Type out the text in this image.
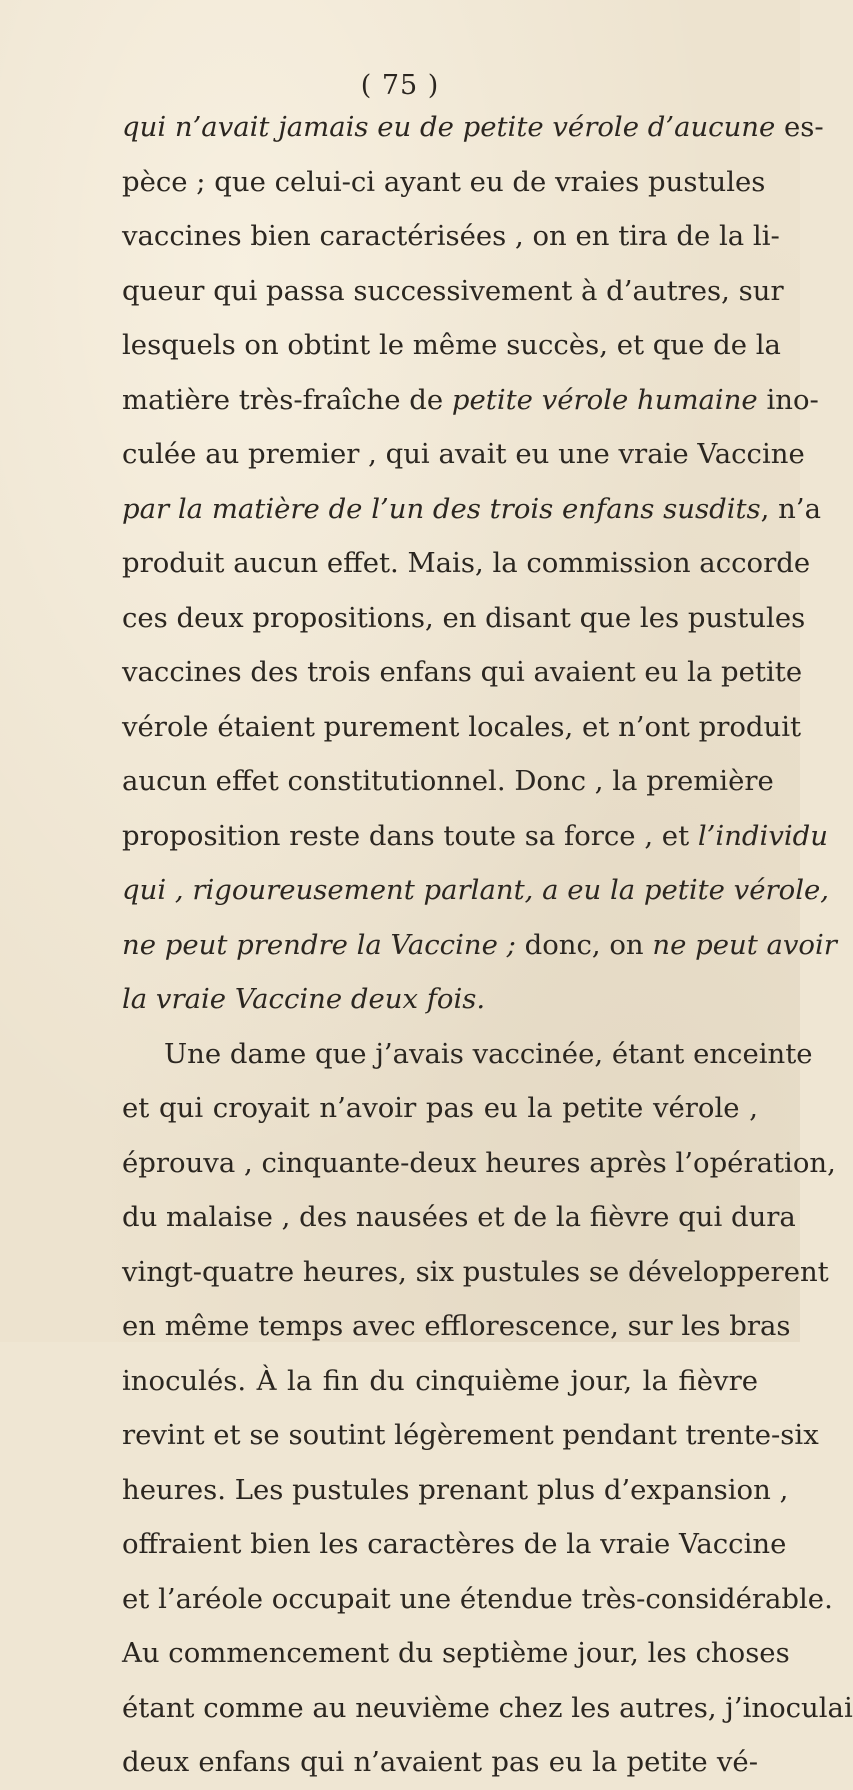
( 75 )
qui n’avait jamais eu de petite vérole d’aucune es-
pèce ; que celui-ci ayant eu de vraies pustules
vaccines bien caractérisées , on en tira de la li-
queur qui passa successivement à d’autres, sur
lesquels on obtint le même succès, et que de la
matière très-fraîche de petite vérole humaine ino-
culée au premier , qui avait eu une vraie Vaccine
par la matière de l’un des trois enfans susdits, n’a
produit aucun effet. Mais, la commission accorde
ces deux propositions, en disant que les pustules
vaccines des trois enfans qui avaient eu la petite
vérole étaient purement locales, et n’ont produit
aucun effet constitutionnel. Donc , la première
proposition reste dans toute sa force , et l’individu
qui , rigoureusement parlant, a eu la petite vérole,
ne peut prendre la Vaccine ; donc, on ne peut avoir
la vraie Vaccine deux fois.
Une dame que j’avais vaccinée, étant enceinte
et qui croyait n’avoir pas eu la petite vérole ,
éprouva , cinquante-deux heures après l’opération,
du malaise , des nausées et de la fièvre qui dura
vingt-quatre heures, six pustules se développerent
en même temps avec efflorescence, sur les bras
inoculés. À la fin du cinquième jour, la fièvre
revint et se soutint légèrement pendant trente-six
heures. Les pustules prenant plus d’expansion ,
offraient bien les caractères de la vraie Vaccine
et l’aréole occupait une étendue très-considérable.
Au commencement du septième jour, les choses
étant comme au neuvième chez les autres, j’inoculai
deux enfans qui n’avaient pas eu la petite vé-
